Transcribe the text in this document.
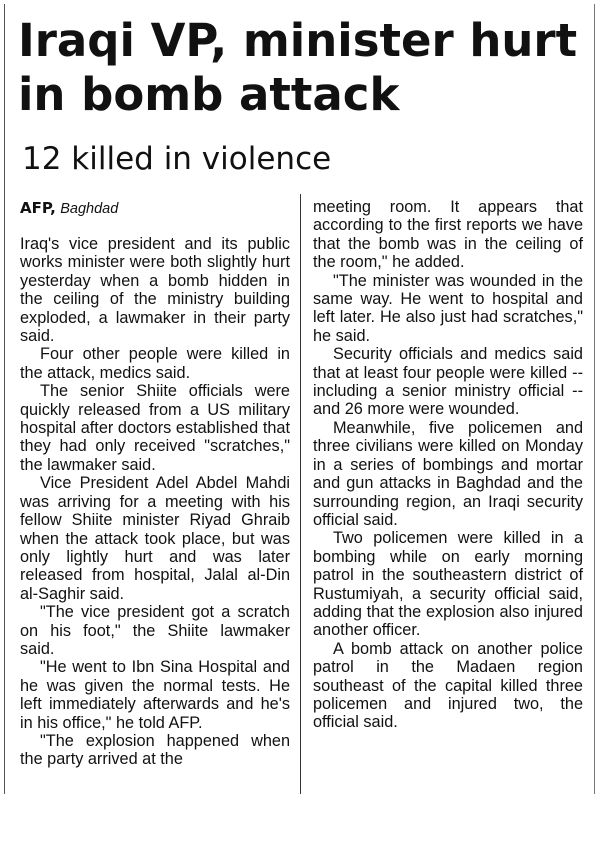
Iraqi VP, minister hurt in bomb attack
12 killed in violence
AFP, Baghdad

Iraq's vice president and its public works minister were both slightly hurt yesterday when a bomb hidden in the ceiling of the ministry building exploded, a lawmaker in their party said.

Four other people were killed in the attack, medics said.

The senior Shiite officials were quickly released from a US military hospital after doctors established that they had only received "scratches," the lawmaker said.

Vice President Adel Abdel Mahdi was arriving for a meeting with his fellow Shiite minister Riyad Ghraib when the attack took place, but was only lightly hurt and was later released from hospital, Jalal al-Din al-Saghir said.

"The vice president got a scratch on his foot," the Shiite lawmaker said.

"He went to Ibn Sina Hospital and he was given the normal tests. He left immediately afterwards and he's in his office," he told AFP.

"The explosion happened when the party arrived at the

meeting room. It appears that according to the first reports we have that the bomb was in the ceiling of the room," he added.

"The minister was wounded in the same way. He went to hospital and left later. He also just had scratches," he said.

Security officials and medics said that at least four people were killed -- including a senior ministry official -- and 26 more were wounded.

Meanwhile, five policemen and three civilians were killed on Monday in a series of bombings and mortar and gun attacks in Baghdad and the surrounding region, an Iraqi security official said.

Two policemen were killed in a bombing while on early morning patrol in the southeastern district of Rustumiyah, a security official said, adding that the explosion also injured another officer.

A bomb attack on another police patrol in the Madaen region southeast of the capital killed three policemen and injured two, the official said.
